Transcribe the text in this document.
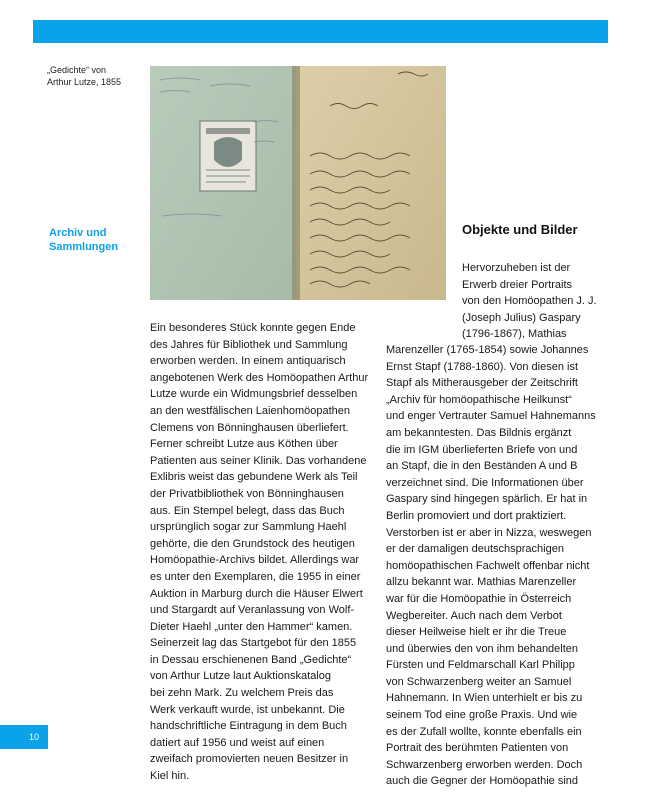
„Gedichte“ von
Arthur Lutze, 1855
Archiv und
Sammlungen
Ein besonderes Stück konnte gegen Ende
des Jahres für Bibliothek und Sammlung
erworben werden. In einem antiquarisch
angebotenen Werk des Homöopathen Arthur
Lutze wurde ein Widmungsbrief desselben
an den westfälischen Laienhomöopathen
Clemens von Bönninghausen überliefert.
Ferner schreibt Lutze aus Köthen über
Patienten aus seiner Klinik. Das vorhandene
Exlibris weist das gebundene Werk als Teil
der Privatbibliothek von Bönninghausen
aus. Ein Stempel belegt, dass das Buch
ursprünglich sogar zur Sammlung Haehl
gehörte, die den Grundstock des heutigen
Homöopathie-Archivs bildet. Allerdings war
es unter den Exemplaren, die 1955 in einer
Auktion in Marburg durch die Häuser Elwert
und Stargardt auf Veranlassung von Wolf-
Dieter Haehl „unter den Hammer“ kamen.
Seinerzeit lag das Startgebot für den 1855
in Dessau erschienenen Band „Gedichte“
von Arthur Lutze laut Auktionskatalog
bei zehn Mark. Zu welchem Preis das
Werk verkauft wurde, ist unbekannt. Die
handschriftliche Eintragung in dem Buch
datiert auf 1956 und weist auf einen
zweifach promovierten neuen Besitzer in
Kiel hin.
Objekte und Bilder
Hervorzuheben ist der
Erwerb dreier Portraits
von den Homöopathen J. J.
(Joseph Julius) Gaspary
(1796-1867), Mathias
Marenzeller (1765-1854) sowie Johannes
Ernst Stapf (1788-1860). Von diesen ist
Stapf als Mitherausgeber der Zeitschrift
„Archiv für homöopathische Heilkunst“
und enger Vertrauter Samuel Hahnemanns
am bekanntesten. Das Bildnis ergänzt
die im IGM überlieferten Briefe von und
an Stapf, die in den Beständen A und B
verzeichnet sind. Die Informationen über
Gaspary sind hingegen spärlich. Er hat in
Berlin promoviert und dort praktiziert.
Verstorben ist er aber in Nizza, weswegen
er der damaligen deutschsprachigen
homöopathischen Fachwelt offenbar nicht
allzu bekannt war. Mathias Marenzeller
war für die Homöopathie in Österreich
Wegbereiter. Auch nach dem Verbot
dieser Heilweise hielt er ihr die Treue
und überwies den von ihm behandelten
Fürsten und Feldmarschall Karl Philipp
von Schwarzenberg weiter an Samuel
Hahnemann. In Wien unterhielt er bis zu
seinem Tod eine große Praxis. Und wie
es der Zufall wollte, konnte ebenfalls ein
Portrait des berühmten Patienten von
Schwarzenberg erworben werden. Doch
auch die Gegner der Homöopathie sind
10
